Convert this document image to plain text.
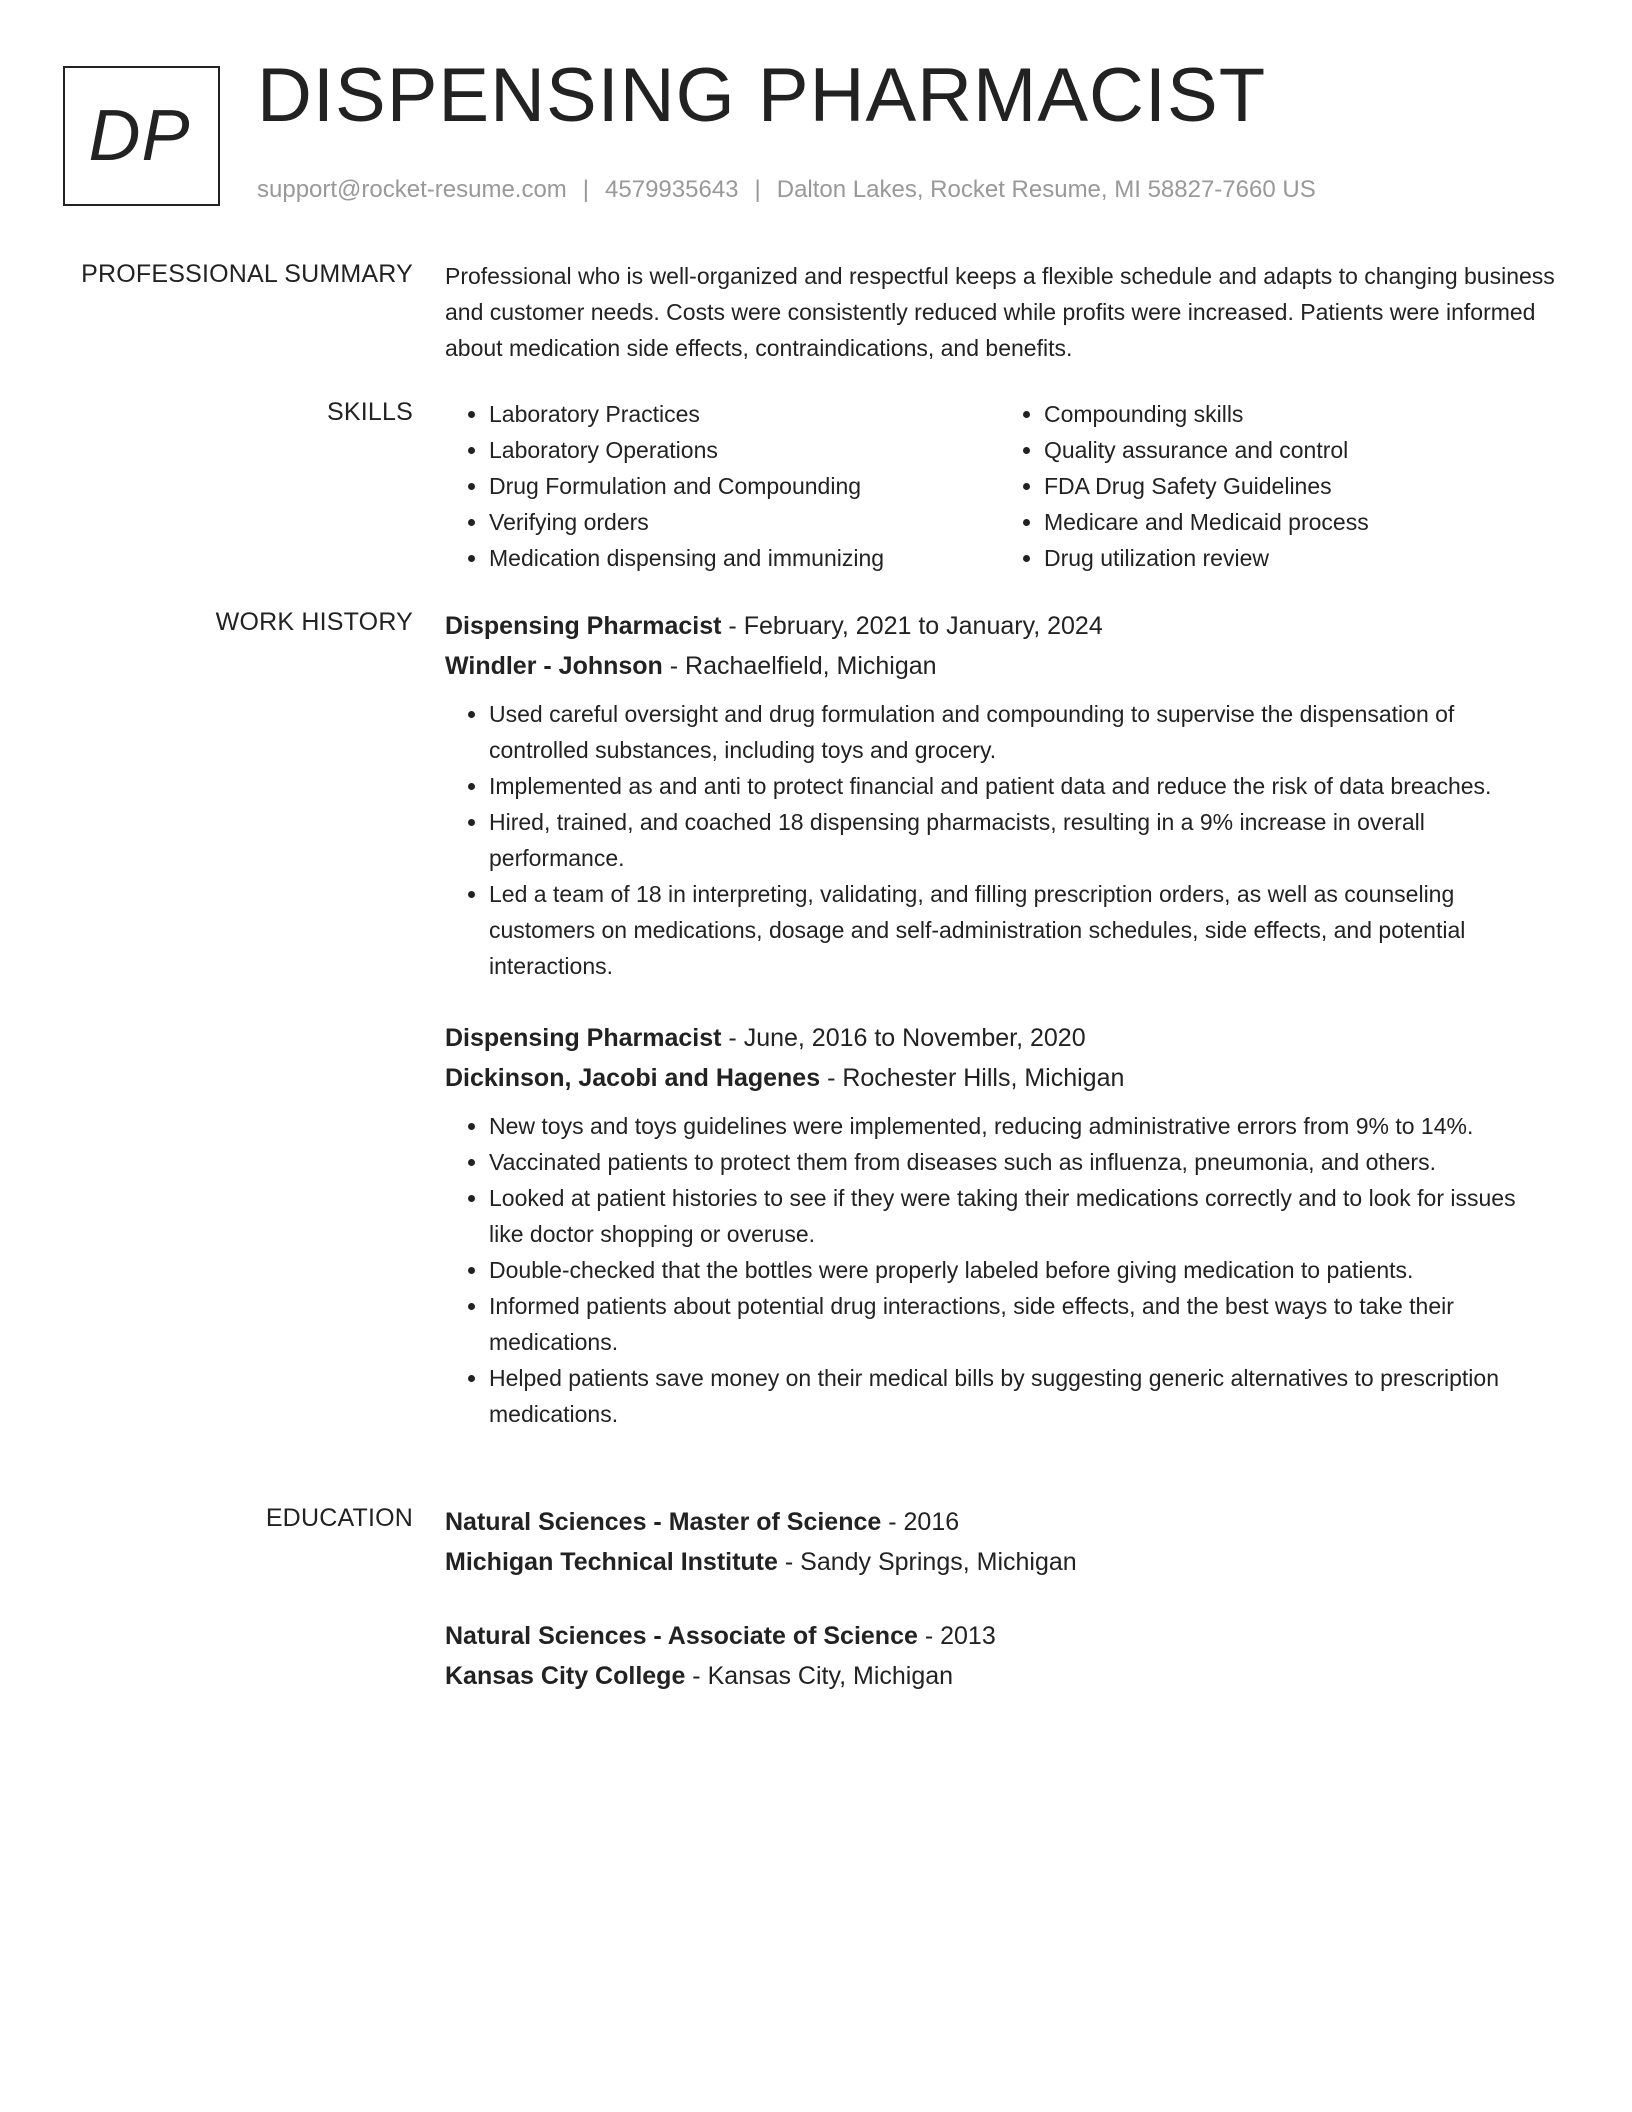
DP DISPENSING PHARMACIST
support@rocket-resume.com | 4579935643 | Dalton Lakes, Rocket Resume, MI 58827-7660 US
PROFESSIONAL SUMMARY Professional who is well-organized and respectful keeps a flexible schedule and adapts to changing business and customer needs. Costs were consistently reduced while profits were increased. Patients were informed about medication side effects, contraindications, and benefits.

SKILLS
•	Laboratory Practices
• Laboratory Operations
• Drug Formulation and Compounding
• Verifying orders
• Medication dispensing and immunizing
• Compounding skills
• Quality assurance and control
• FDA Drug Safety Guidelines
• Medicare and Medicaid process
• Drug utilization review
WORK HISTORY Dispensing Pharmacist - February, 2021 to January, 2024
Windler - Johnson - Rachaelfield, Michigan
• Used careful oversight and drug formulation and compounding to supervise the dispensation of controlled substances, including toys and grocery.
• Implemented as and anti to protect financial and patient data and reduce the risk of data breaches.
• Hired, trained, and coached 18 dispensing pharmacists, resulting in a 9% increase in overall performance.
• Led a team of 18 in interpreting, validating, and filling prescription orders, as well as counseling customers on medications, dosage and self-administration schedules, side effects, and potential interactions.
Dispensing Pharmacist - June, 2016 to November, 2020
Dickinson, Jacobi and Hagenes - Rochester Hills, Michigan
• New toys and toys guidelines were implemented, reducing administrative errors from 9% to 14%.
• Vaccinated patients to protect them from diseases such as influenza, pneumonia, and others.
• Looked at patient histories to see if they were taking their medications correctly and to look for issues like doctor shopping or overuse.
• Double-checked that the bottles were properly labeled before giving medication to patients.
• Informed patients about potential drug interactions, side effects, and the best ways to take their medications.
• Helped patients save money on their medical bills by suggesting generic alternatives to prescription medications.
EDUCATION Natural Sciences - Master of Science - 2016
Michigan Technical Institute - Sandy Springs, Michigan
Natural Sciences - Associate of Science - 2013
Kansas City College - Kansas City, Michigan
